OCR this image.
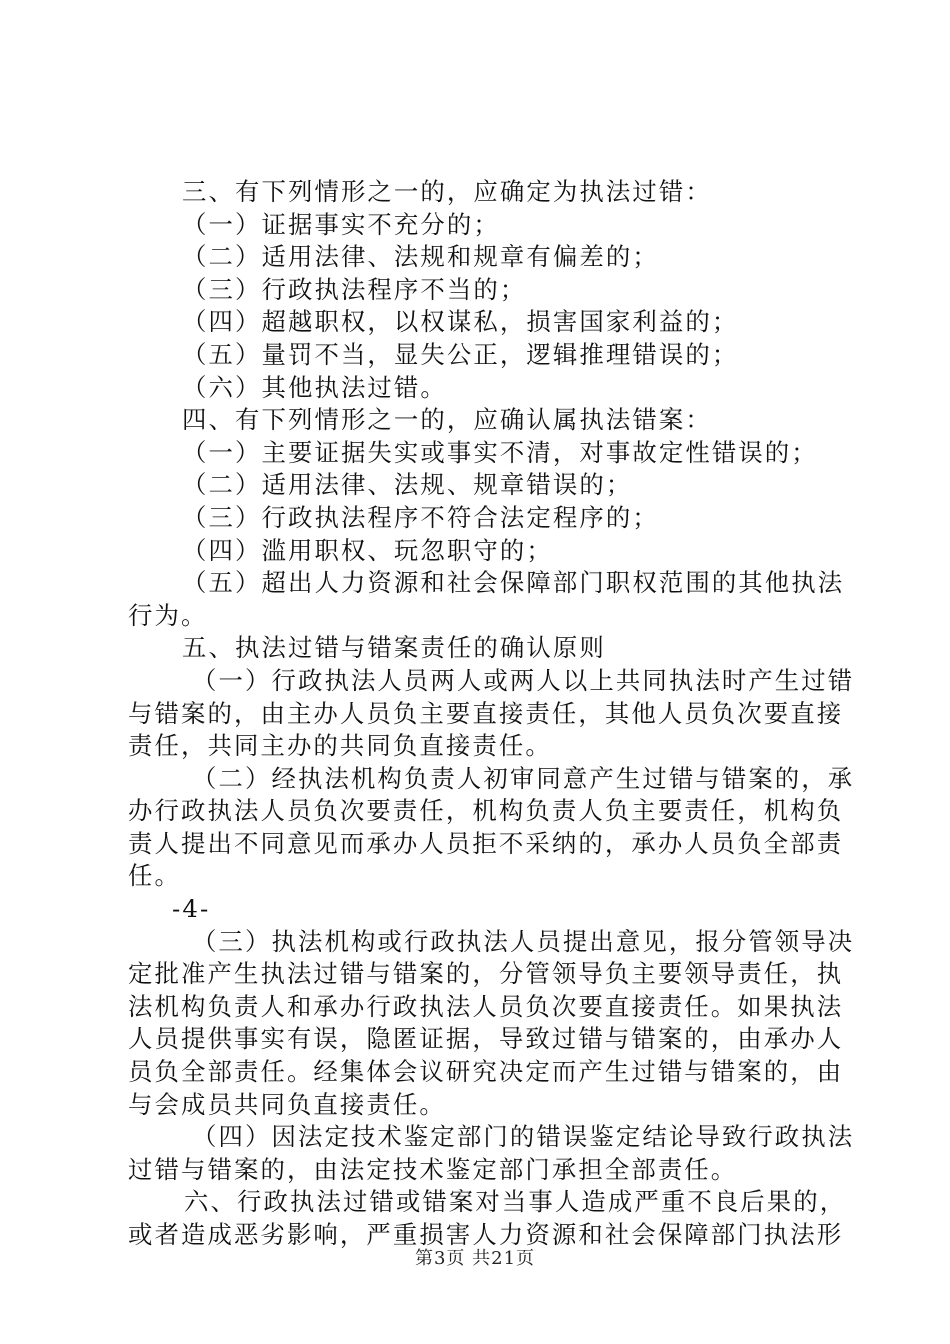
三、有下列情形之一的，应确定为执法过错：
（一）证据事实不充分的；
（二）适用法律、法规和规章有偏差的；
（三）行政执法程序不当的；
（四）超越职权，以权谋私，损害国家利益的；
（五）量罚不当，显失公正，逻辑推理错误的；
（六）其他执法过错。
四、有下列情形之一的，应确认属执法错案：
（一）主要证据失实或事实不清，对事故定性错误的；
（二）适用法律、法规、规章错误的；
（三）行政执法程序不符合法定程序的；
（四）滥用职权、玩忽职守的；
（五）超出人力资源和社会保障部门职权范围的其他执法
行为。
五、执法过错与错案责任的确认原则
（一）行政执法人员两人或两人以上共同执法时产生过错
与错案的，由主办人员负主要直接责任，其他人员负次要直接
责任，共同主办的共同负直接责任。
（二）经执法机构负责人初审同意产生过错与错案的，承
办行政执法人员负次要责任，机构负责人负主要责任，机构负
责人提出不同意见而承办人员拒不采纳的，承办人员负全部责
任。
-4-
（三）执法机构或行政执法人员提出意见，报分管领导决
定批准产生执法过错与错案的，分管领导负主要领导责任，执
法机构负责人和承办行政执法人员负次要直接责任。如果执法
人员提供事实有误，隐匿证据，导致过错与错案的，由承办人
员负全部责任。经集体会议研究决定而产生过错与错案的，由
与会成员共同负直接责任。
（四）因法定技术鉴定部门的错误鉴定结论导致行政执法
过错与错案的，由法定技术鉴定部门承担全部责任。
六、行政执法过错或错案对当事人造成严重不良后果的，
或者造成恶劣影响，严重损害人力资源和社会保障部门执法形
第3页 共21页
